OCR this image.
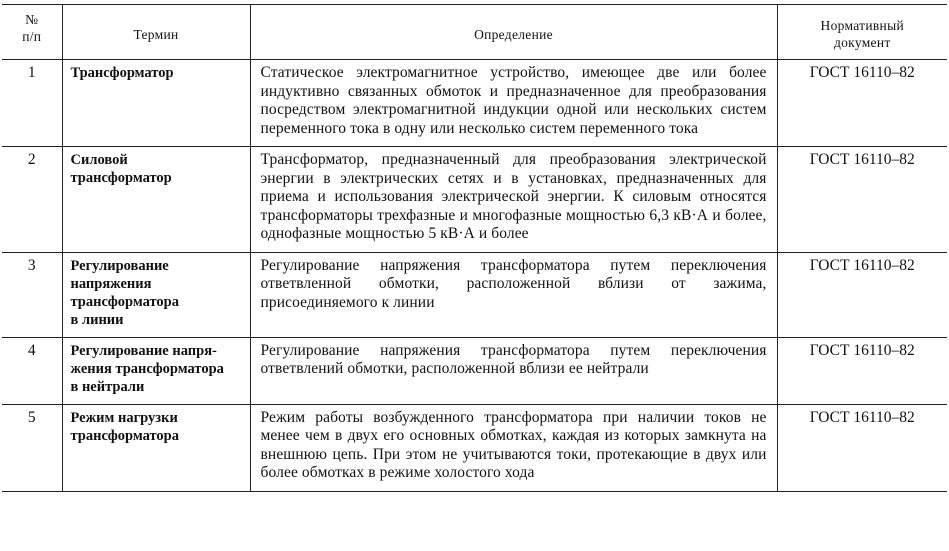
№
п/п	Термин	Определение	Нормативный
документ

1	Трансформатор	Статическое электромагнитное устройство, имеющее две или более индуктивно связанных обмоток и предназначенное для преобразования посредством электромагнитной индукции одной или нескольких систем переменного тока в одну или несколько систем переменного тока	ГОСТ 16110–82
2	Силовой
трансформатор	Трансформатор, предназначенный для преобразования электрической энергии в электрических сетях и в установках, предназначенных для приема и использования электрической энергии. К силовым относятся трансформаторы трехфазные и многофазные мощностью 6,3 кВ·А и более, однофазные мощностью 5 кВ·А и более	ГОСТ 16110–82
3	Регулирование
напряжения
трансформатора
в линии	Регулирование напряжения трансформатора путем переключения ответвленной обмотки, расположенной вблизи от зажима, присоединяемого к линии	ГОСТ 16110–82
4	Регулирование напря-
жения трансформатора
в нейтрали	Регулирование напряжения трансформатора путем переключения ответвлений обмотки, расположенной вблизи ее нейтрали	ГОСТ 16110–82
5	Режим нагрузки
трансформатора	Режим работы возбужденного трансформатора при наличии токов не менее чем в двух его основных обмотках, каждая из которых замкнута на внешнюю цепь. При этом не учитываются токи, протекающие в двух или более обмотках в режиме холостого хода	ГОСТ 16110–82
